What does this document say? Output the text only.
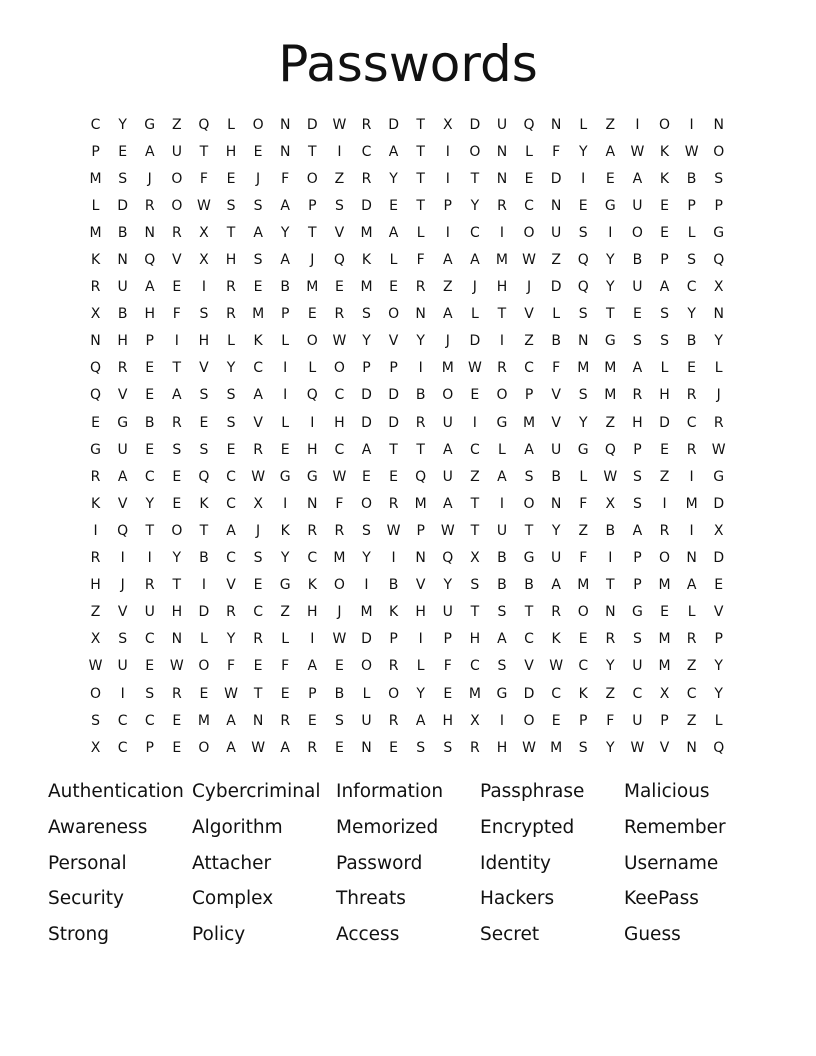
Passwords
C	Y	G	Z	Q	L	O	N	D	W	R	D	T	X	D	U	Q	N	L	Z	I	O	I	N
P	E	A	U	T	H	E	N	T	I	C	A	T	I	O	N	L	F	Y	A	W	K	W	O
M	S	J	O	F	E	J	F	O	Z	R	Y	T	I	T	N	E	D	I	E	A	K	B	S
L	D	R	O	W	S	S	A	P	S	D	E	T	P	Y	R	C	N	E	G	U	E	P	P
M	B	N	R	X	T	A	Y	T	V	M	A	L	I	C	I	O	U	S	I	O	E	L	G
K	N	Q	V	X	H	S	A	J	Q	K	L	F	A	A	M	W	Z	Q	Y	B	P	S	Q
R	U	A	E	I	R	E	B	M	E	M	E	R	Z	J	H	J	D	Q	Y	U	A	C	X
X	B	H	F	S	R	M	P	E	R	S	O	N	A	L	T	V	L	S	T	E	S	Y	N
N	H	P	I	H	L	K	L	O	W	Y	V	Y	J	D	I	Z	B	N	G	S	S	B	Y
Q	R	E	T	V	Y	C	I	L	O	P	P	I	M	W	R	C	F	M	M	A	L	E	L
Q	V	E	A	S	S	A	I	Q	C	D	D	B	O	E	O	P	V	S	M	R	H	R	J
E	G	B	R	E	S	V	L	I	H	D	D	R	U	I	G	M	V	Y	Z	H	D	C	R
G	U	E	S	S	E	R	E	H	C	A	T	T	A	C	L	A	U	G	Q	P	E	R	W
R	A	C	E	Q	C	W	G	G	W	E	E	Q	U	Z	A	S	B	L	W	S	Z	I	G
K	V	Y	E	K	C	X	I	N	F	O	R	M	A	T	I	O	N	F	X	S	I	M	D
I	Q	T	O	T	A	J	K	R	R	S	W	P	W	T	U	T	Y	Z	B	A	R	I	X
R	I	I	Y	B	C	S	Y	C	M	Y	I	N	Q	X	B	G	U	F	I	P	O	N	D
H	J	R	T	I	V	E	G	K	O	I	B	V	Y	S	B	B	A	M	T	P	M	A	E
Z	V	U	H	D	R	C	Z	H	J	M	K	H	U	T	S	T	R	O	N	G	E	L	V
X	S	C	N	L	Y	R	L	I	W	D	P	I	P	H	A	C	K	E	R	S	M	R	P
W	U	E	W	O	F	E	F	A	E	O	R	L	F	C	S	V	W	C	Y	U	M	Z	Y
O	I	S	R	E	W	T	E	P	B	L	O	Y	E	M	G	D	C	K	Z	C	X	C	Y
S	C	C	E	M	A	N	R	E	S	U	R	A	H	X	I	O	E	P	F	U	P	Z	L
X	C	P	E	O	A	W	A	R	E	N	E	S	S	R	H	W	M	S	Y	W	V	N	Q
Authentication Cybercriminal Information	Passphrase	Malicious
Awareness	Algorithm	Memorized	Encrypted	Remember
Personal	Attacher	Password	Identity	Username
Security	Complex	Threats	Hackers	KeePass
Strong	Policy	Access	Secret	Guess
